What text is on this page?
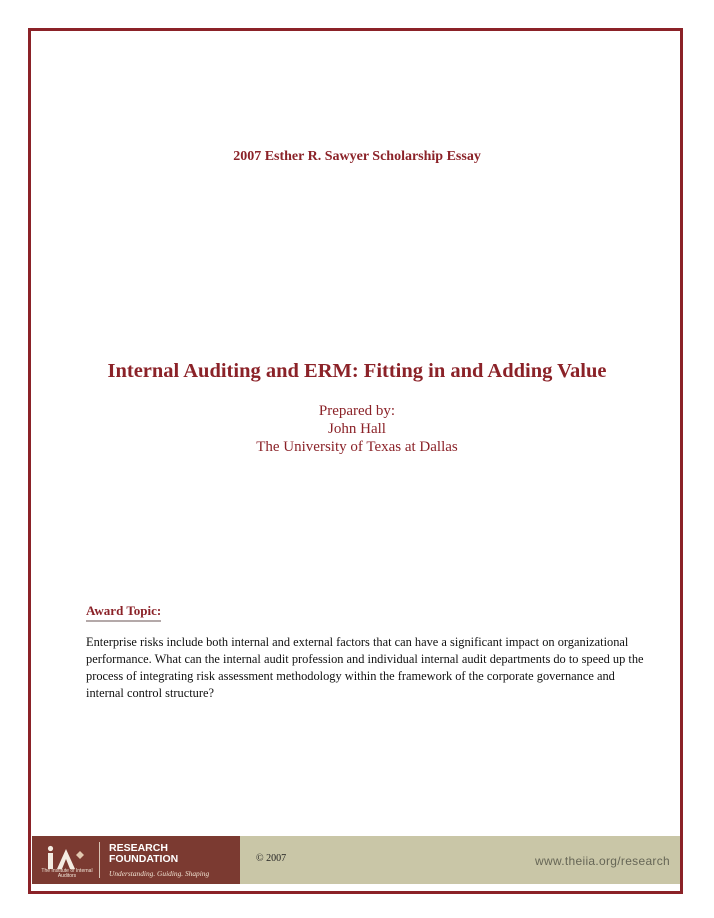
2007 Esther R. Sawyer Scholarship Essay
Internal Auditing and ERM: Fitting in and Adding Value
Prepared by:
John Hall
The University of Texas at Dallas
Award Topic:
Enterprise risks include both internal and external factors that can have a significant impact on organizational performance. What can the internal audit profession and individual internal audit departments do to speed up the process of integrating risk assessment methodology within the framework of the corporate governance and internal control structure?
The Institute of Internal Auditors
RESEARCH FOUNDATION
Understanding. Guiding. Shaping
© 2007	www.theiia.org/research
